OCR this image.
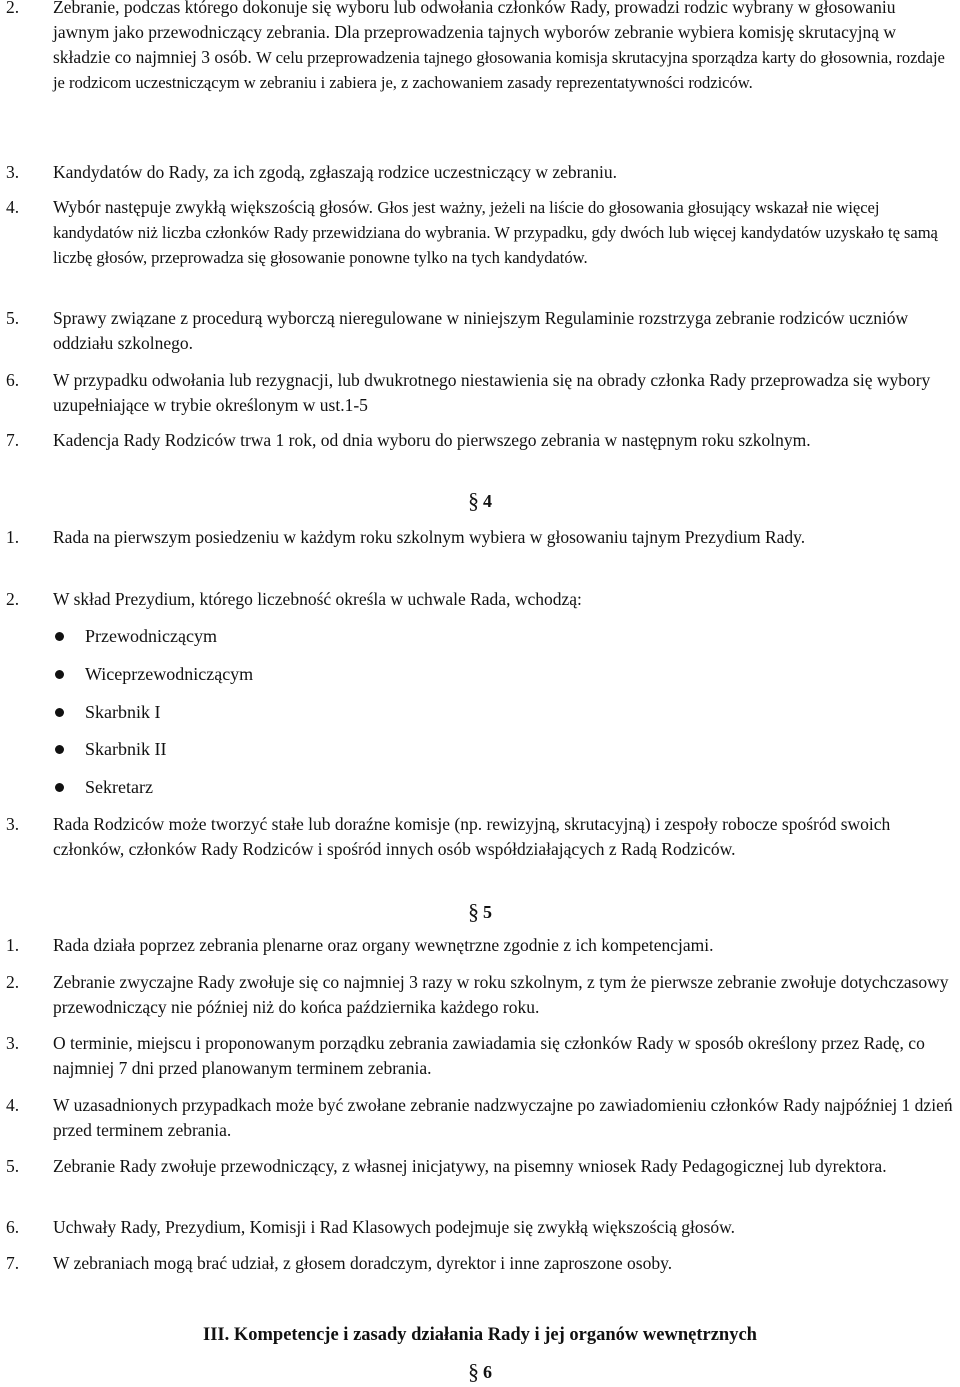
2. Zebranie, podczas którego dokonuje się wyboru lub odwołania członków Rady, prowadzi rodzic wybrany w głosowaniu jawnym jako przewodniczący zebrania. Dla przeprowadzenia tajnych wyborów zebranie wybiera komisję skrutacyjną w składzie co najmniej 3 osób. W celu przeprowadzenia tajnego głosowania komisja skrutacyjna sporządza karty do głosownia, rozdaje je rodzicom uczestniczącym w zebraniu i zabiera je, z zachowaniem zasady reprezentatywności rodziców.
3. Kandydatów do Rady, za ich zgodą, zgłaszają rodzice uczestniczący w zebraniu.
4. Wybór następuje zwykłą większością głosów. Głos jest ważny, jeżeli na liście do głosowania głosujący wskazał nie więcej kandydatów niż liczba członków Rady przewidziana do wybrania. W przypadku, gdy dwóch lub więcej kandydatów uzyskało tę samą liczbę głosów, przeprowadza się głosowanie ponowne tylko na tych kandydatów.
5. Sprawy związane z procedurą wyborczą nieregulowane w niniejszym Regulaminie rozstrzyga zebranie rodziców uczniów oddziału szkolnego.
6. W przypadku odwołania lub rezygnacji, lub dwukrotnego niestawienia się na obrady członka Rady przeprowadza się wybory uzupełniające w trybie określonym w ust.1-5
7. Kadencja Rady Rodziców trwa 1 rok, od dnia wyboru do pierwszego zebrania w następnym roku szkolnym.
§ 4
1. Rada na pierwszym posiedzeniu w każdym roku szkolnym wybiera w głosowaniu tajnym Prezydium Rady.
2. W skład Prezydium, którego liczebność określa w uchwale Rada, wchodzą:
Przewodniczącym
Wiceprzewodniczącym
Skarbnik I
Skarbnik II
Sekretarz
3. Rada Rodziców może tworzyć stałe lub doraźne komisje (np. rewizyjną, skrutacyjną) i zespoły robocze spośród swoich członków, członków Rady Rodziców i spośród innych osób współdziałających z Radą Rodziców.
§ 5
1. Rada działa poprzez zebrania plenarne oraz organy wewnętrzne zgodnie z ich kompetencjami.
2. Zebranie zwyczajne Rady zwołuje się co najmniej 3 razy w roku szkolnym, z tym że pierwsze zebranie zwołuje dotychczasowy przewodniczący nie później niż do końca października każdego roku.
3. O terminie, miejscu i proponowanym porządku zebrania zawiadamia się członków Rady w sposób określony przez Radę, co najmniej 7 dni przed planowanym terminem zebrania.
4. W uzasadnionych przypadkach może być zwołane zebranie nadzwyczajne po zawiadomieniu członków Rady najpóźniej 1 dzień przed terminem zebrania.
5. Zebranie Rady zwołuje przewodniczący, z własnej inicjatywy, na pisemny wniosek Rady Pedagogicznej lub dyrektora.
6. Uchwały Rady, Prezydium, Komisji i Rad Klasowych podejmuje się zwykłą większością głosów.
7. W zebraniach mogą brać udział, z głosem doradczym, dyrektor i inne zaproszone osoby.
III. Kompetencje i zasady działania Rady i jej organów wewnętrznych
§ 6
